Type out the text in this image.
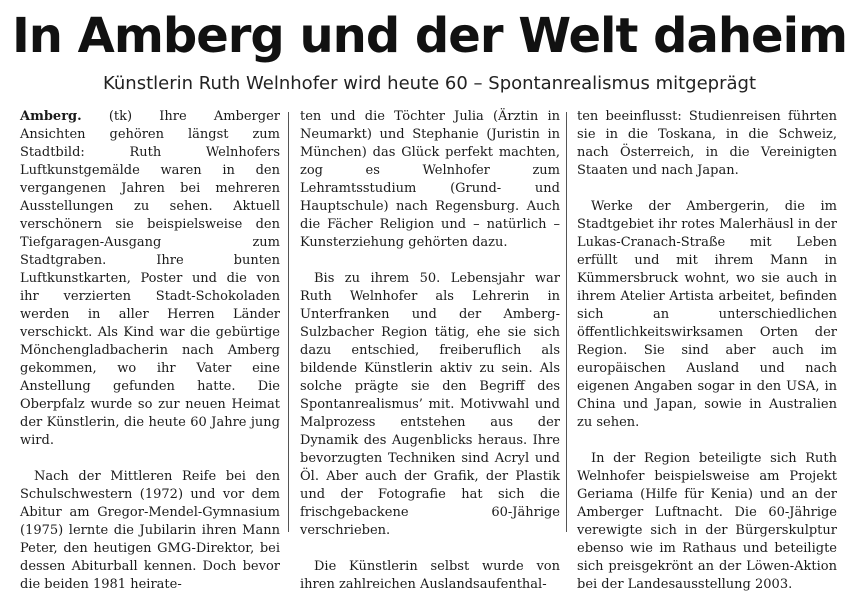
In Amberg und der Welt daheim
Künstlerin Ruth Welnhofer wird heute 60 – Spontanrealismus mitgeprägt

Amberg. (tk) Ihre Amberger Ansichten gehören längst zum Stadtbild: Ruth Welnhofers Luftkunstgemälde waren in den vergangenen Jahren bei mehreren Ausstellungen zu sehen. Aktuell verschönern sie beispielsweise den Tiefgaragen-Ausgang zum Stadtgraben. Ihre bunten Luftkunstkarten, Poster und die von ihr verzierten Stadt-Schokoladen werden in aller Herren Länder verschickt. Als Kind war die gebürtige Mönchengladbacherin nach Amberg gekommen, wo ihr Vater eine Anstellung gefunden hatte. Die Oberpfalz wurde so zur neuen Heimat der Künstlerin, die heute 60 Jahre jung wird.

Nach der Mittleren Reife bei den Schulschwestern (1972) und vor dem Abitur am Gregor-Mendel-Gymnasium (1975) lernte die Jubilarin ihren Mann Peter, den heutigen GMG-Direktor, bei dessen Abiturball kennen. Doch bevor die beiden 1981 heirate-

ten und die Töchter Julia (Ärztin in Neumarkt) und Stephanie (Juristin in München) das Glück perfekt machten, zog es Welnhofer zum Lehramtsstudium (Grund- und Hauptschule) nach Regensburg. Auch die Fächer Religion und – natürlich – Kunsterziehung gehörten dazu.

Bis zu ihrem 50. Lebensjahr war Ruth Welnhofer als Lehrerin in Unterfranken und der Amberg-Sulzbacher Region tätig, ehe sie sich dazu entschied, freiberuflich als bildende Künstlerin aktiv zu sein. Als solche prägte sie den Begriff des Spontanrealismus’ mit. Motivwahl und Malprozess entstehen aus der Dynamik des Augenblicks heraus. Ihre bevorzugten Techniken sind Acryl und Öl. Aber auch der Grafik, der Plastik und der Fotografie hat sich die frischgebackene 60-Jährige verschrieben.

Die Künstlerin selbst wurde von ihren zahlreichen Auslandsaufenthal-

ten beeinflusst: Studienreisen führten sie in die Toskana, in die Schweiz, nach Österreich, in die Vereinigten Staaten und nach Japan.

Werke der Ambergerin, die im Stadtgebiet ihr rotes Malerhäusl in der Lukas-Cranach-Straße mit Leben erfüllt und mit ihrem Mann in Kümmersbruck wohnt, wo sie auch in ihrem Atelier Artista arbeitet, befinden sich an unterschiedlichen öffentlichkeitswirksamen Orten der Region. Sie sind aber auch im europäischen Ausland und nach eigenen Angaben sogar in den USA, in China und Japan, sowie in Australien zu sehen.

In der Region beteiligte sich Ruth Welnhofer beispielsweise am Projekt Geriama (Hilfe für Kenia) und an der Amberger Luftnacht. Die 60-Jährige verewigte sich in der Bürgerskulptur ebenso wie im Rathaus und beteiligte sich preisgekrönt an der Löwen-Aktion bei der Landesausstellung 2003.
